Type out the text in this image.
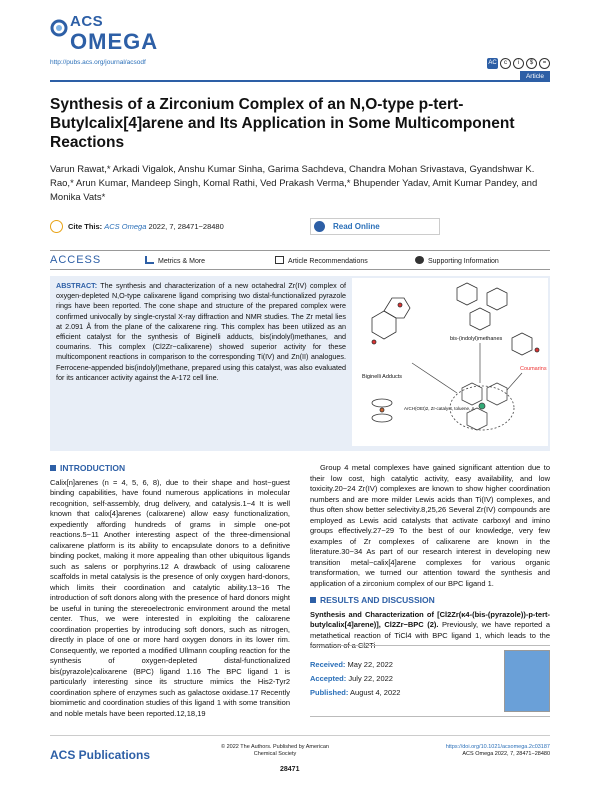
ACS
OMEGA
http://pubs.acs.org/journal/acsodf	AC	c	i	$	=
Article
Synthesis of a Zirconium Complex of an N,O-type p-tert-Butylcalix[4]arene and Its Application in Some Multicomponent Reactions
Varun Rawat,* Arkadi Vigalok, Anshu Kumar Sinha, Garima Sachdeva, Chandra Mohan Srivastava, Gyandshwar K. Rao,* Arun Kumar, Mandeep Singh, Komal Rathi, Ved Prakash Verma,* Bhupender Yadav, Amit Kumar Pandey, and Monika Vats*
Cite This: ACS Omega 2022, 7, 28471−28480	Read Online
ACCESS	Metrics & More	Article Recommendations	Supporting Information
ABSTRACT: The synthesis and characterization of a new octahedral Zr(IV) complex of oxygen-depleted N,O-type calixarene ligand comprising two distal-functionalized pyrazole rings have been reported. The cone shape and structure of the prepared complex were confirmed univocally by single-crystal X-ray diffraction and NMR studies. The Zr metal lies at 2.091 Å from the plane of the calixarene ring. This complex has been utilized as an efficient catalyst for the synthesis of Biginelli adducts, bis(indolyl)methanes, and coumarins. This complex (Cl2Zr−calixarene) showed superior activity for these multicomponent reactions in comparison to the corresponding Ti(IV) and Zn(II) analogues. Ferrocene-appended bis(indolyl)methane, prepared using this catalyst, was also evaluated for its anticancer activity against the A-172 cell line.	Biginelli Adducts
bis-(indolyl)methanes
Coumarins
ArCH(OEt)2, Zr-catalyst, toluene, Δ
INTRODUCTION
Calix[n]arenes (n = 4, 5, 6, 8), due to their shape and host−guest binding capabilities, have found numerous applications in molecular recognition, self-assembly, drug delivery, and catalysis.1−4 It is well known that calix[4]arenes (calixarene) allow easy functionalization, expediently affording hundreds of grams in simple one-pot reactions.5−11 Another interesting aspect of the three-dimensional calixarene platform is its ability to encapsulate donors to a definitive binding pocket, making it more appealing than other ubiquitous ligands such as salens or porphyrins.12 A drawback of using calixarene scaffolds in metal catalysis is the presence of only oxygen hard-donors, which limits their coordination and catalytic ability.13−16 The introduction of soft donors along with the presence of hard donors might be useful in tuning the stereoelectronic environment around the metal center. Thus, we were interested in exploiting the calixarene coordination properties by introducing soft donors, such as nitrogen, directly in place of one or more hard oxygen donors in its lower rim. Consequently, we reported a modified Ullmann coupling reaction for the synthesis of oxygen-depleted distal-functionalized bis(pyrazole)calixarene (BPC) ligand 1.16 The BPC ligand 1 is particularly interesting since its structure mimics the His2-Tyr2 coordination sphere of enzymes such as galactose oxidase.17 Recently biomimetic and coordination studies of this ligand 1 with some transition and noble metals have been reported.12,18,19
Group 4 metal complexes have gained significant attention due to their low cost, high catalytic activity, easy availability, and low toxicity.20−24 Zr(IV) complexes are known to show higher coordination numbers and are more milder Lewis acids than Ti(IV) complexes, and thus often show better selectivity.8,25,26 Several Zr(IV) compounds are employed as Lewis acid catalysts that activate carboxyl and imino groups effectively.27−29 To the best of our knowledge, very few examples of Zr complexes of calixarene are known in the literature.30−34 As part of our research interest in developing new transition metal−calix[4]arene complexes for various organic transformation, we turned our attention toward the synthesis and application of a zirconium complex of our BPC ligand 1.
RESULTS AND DISCUSSION
Synthesis and Characterization of [Cl2Zr(κ4-(bis-(pyrazole))-p-tert-butylcalix[4]arene)], Cl2Zr−BPC (2). Previously, we have reported a metathetical reaction of TiCl4 with BPC ligand 1, which leads to the formation of a Cl2Ti−
Received: May 22, 2022
Accepted: July 22, 2022
Published: August 4, 2022
ACS Publications
© 2022 The Authors. Published by American Chemical Society
28471
https://doi.org/10.1021/acsomega.2c03187
ACS Omega 2022, 7, 28471−28480
